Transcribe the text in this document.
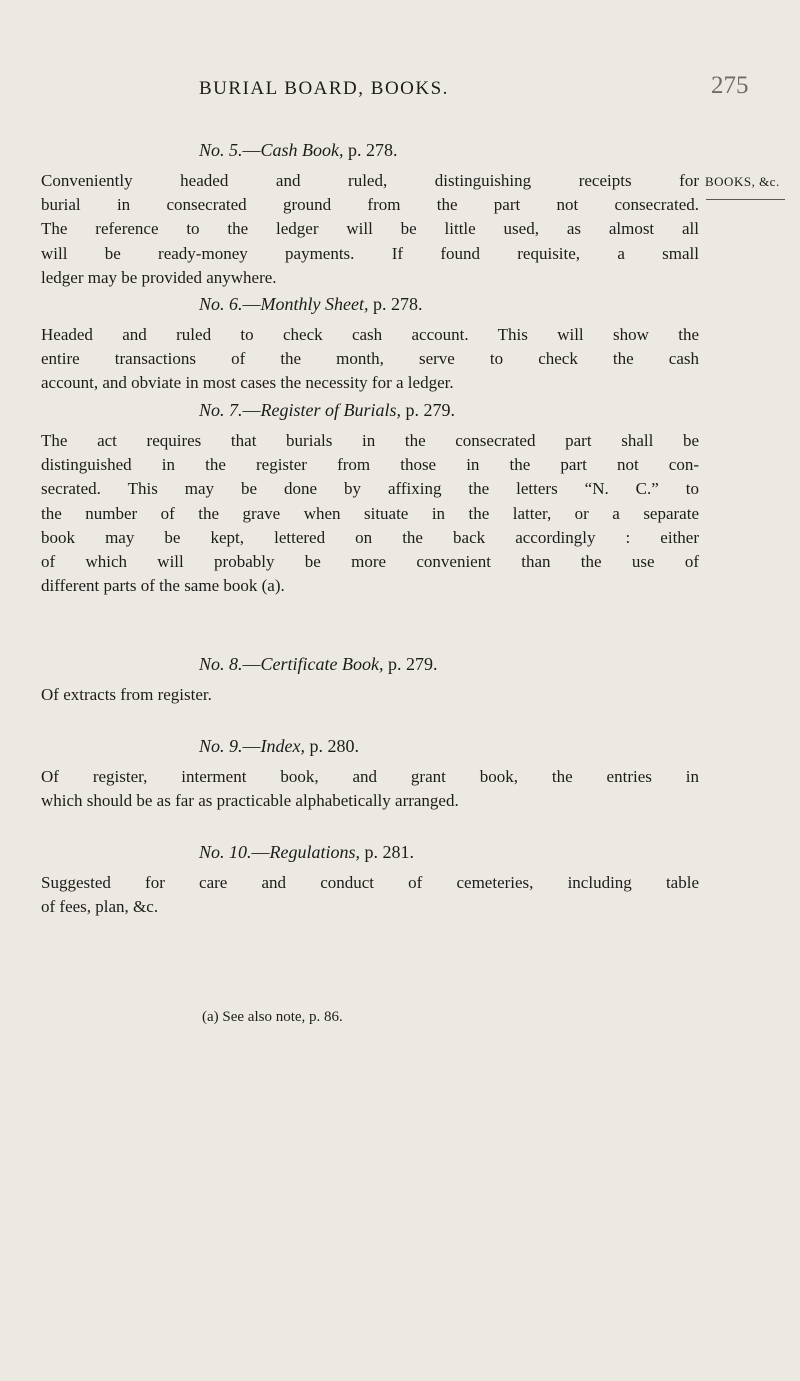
BURIAL BOARD, BOOKS.	275
BOOKS, &c.
No. 5.—Cash Book, p. 278.
Conveniently headed and ruled, distinguishing receipts for
burial in consecrated ground from the part not consecrated.
The reference to the ledger will be little used, as almost all
will be ready-money payments. If found requisite, a small
ledger may be provided anywhere.
No. 6.—Monthly Sheet, p. 278.
Headed and ruled to check cash account. This will show the
entire transactions of the month, serve to check the cash
account, and obviate in most cases the necessity for a ledger.
No. 7.—Register of Burials, p. 279.
The act requires that burials in the consecrated part shall be
distinguished in the register from those in the part not con-
secrated. This may be done by affixing the letters “N. C.” to
the number of the grave when situate in the latter, or a separate
book may be kept, lettered on the back accordingly : either
of which will probably be more convenient than the use of
different parts of the same book (a).
No. 8.—Certificate Book, p. 279.
Of extracts from register.
No. 9.—Index, p. 280.
Of register, interment book, and grant book, the entries in
which should be as far as practicable alphabetically arranged.
No. 10.—Regulations, p. 281.
Suggested for care and conduct of cemeteries, including table
of fees, plan, &c.
(a) See also note, p. 86.
